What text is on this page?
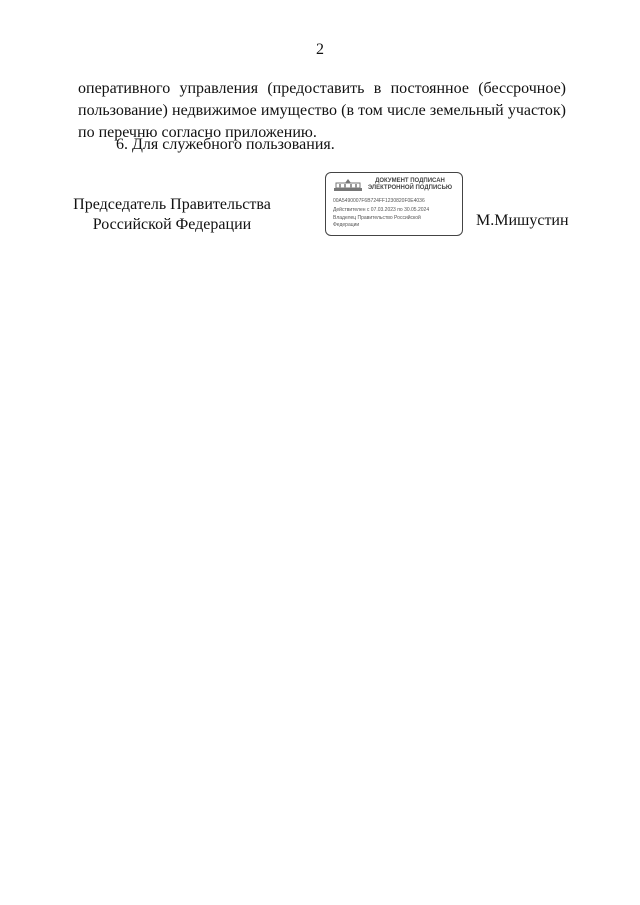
2
оперативного управления (предоставить в постоянное (бессрочное)
пользование) недвижимое имущество (в том числе земельный участок)
по перечню согласно приложению.
6. Для служебного пользования.
Председатель Правительства
Российской Федерации
ДОКУМЕНТ ПОДПИСАН
ЭЛЕКТРОННОЙ ПОДПИСЬЮ
00A5490007F6B724FF1230820F0E4036
Действителен с 07.03.2023 по 30.05.2024
Владелец Правительство Российской
Федерации	М.Мишустин
